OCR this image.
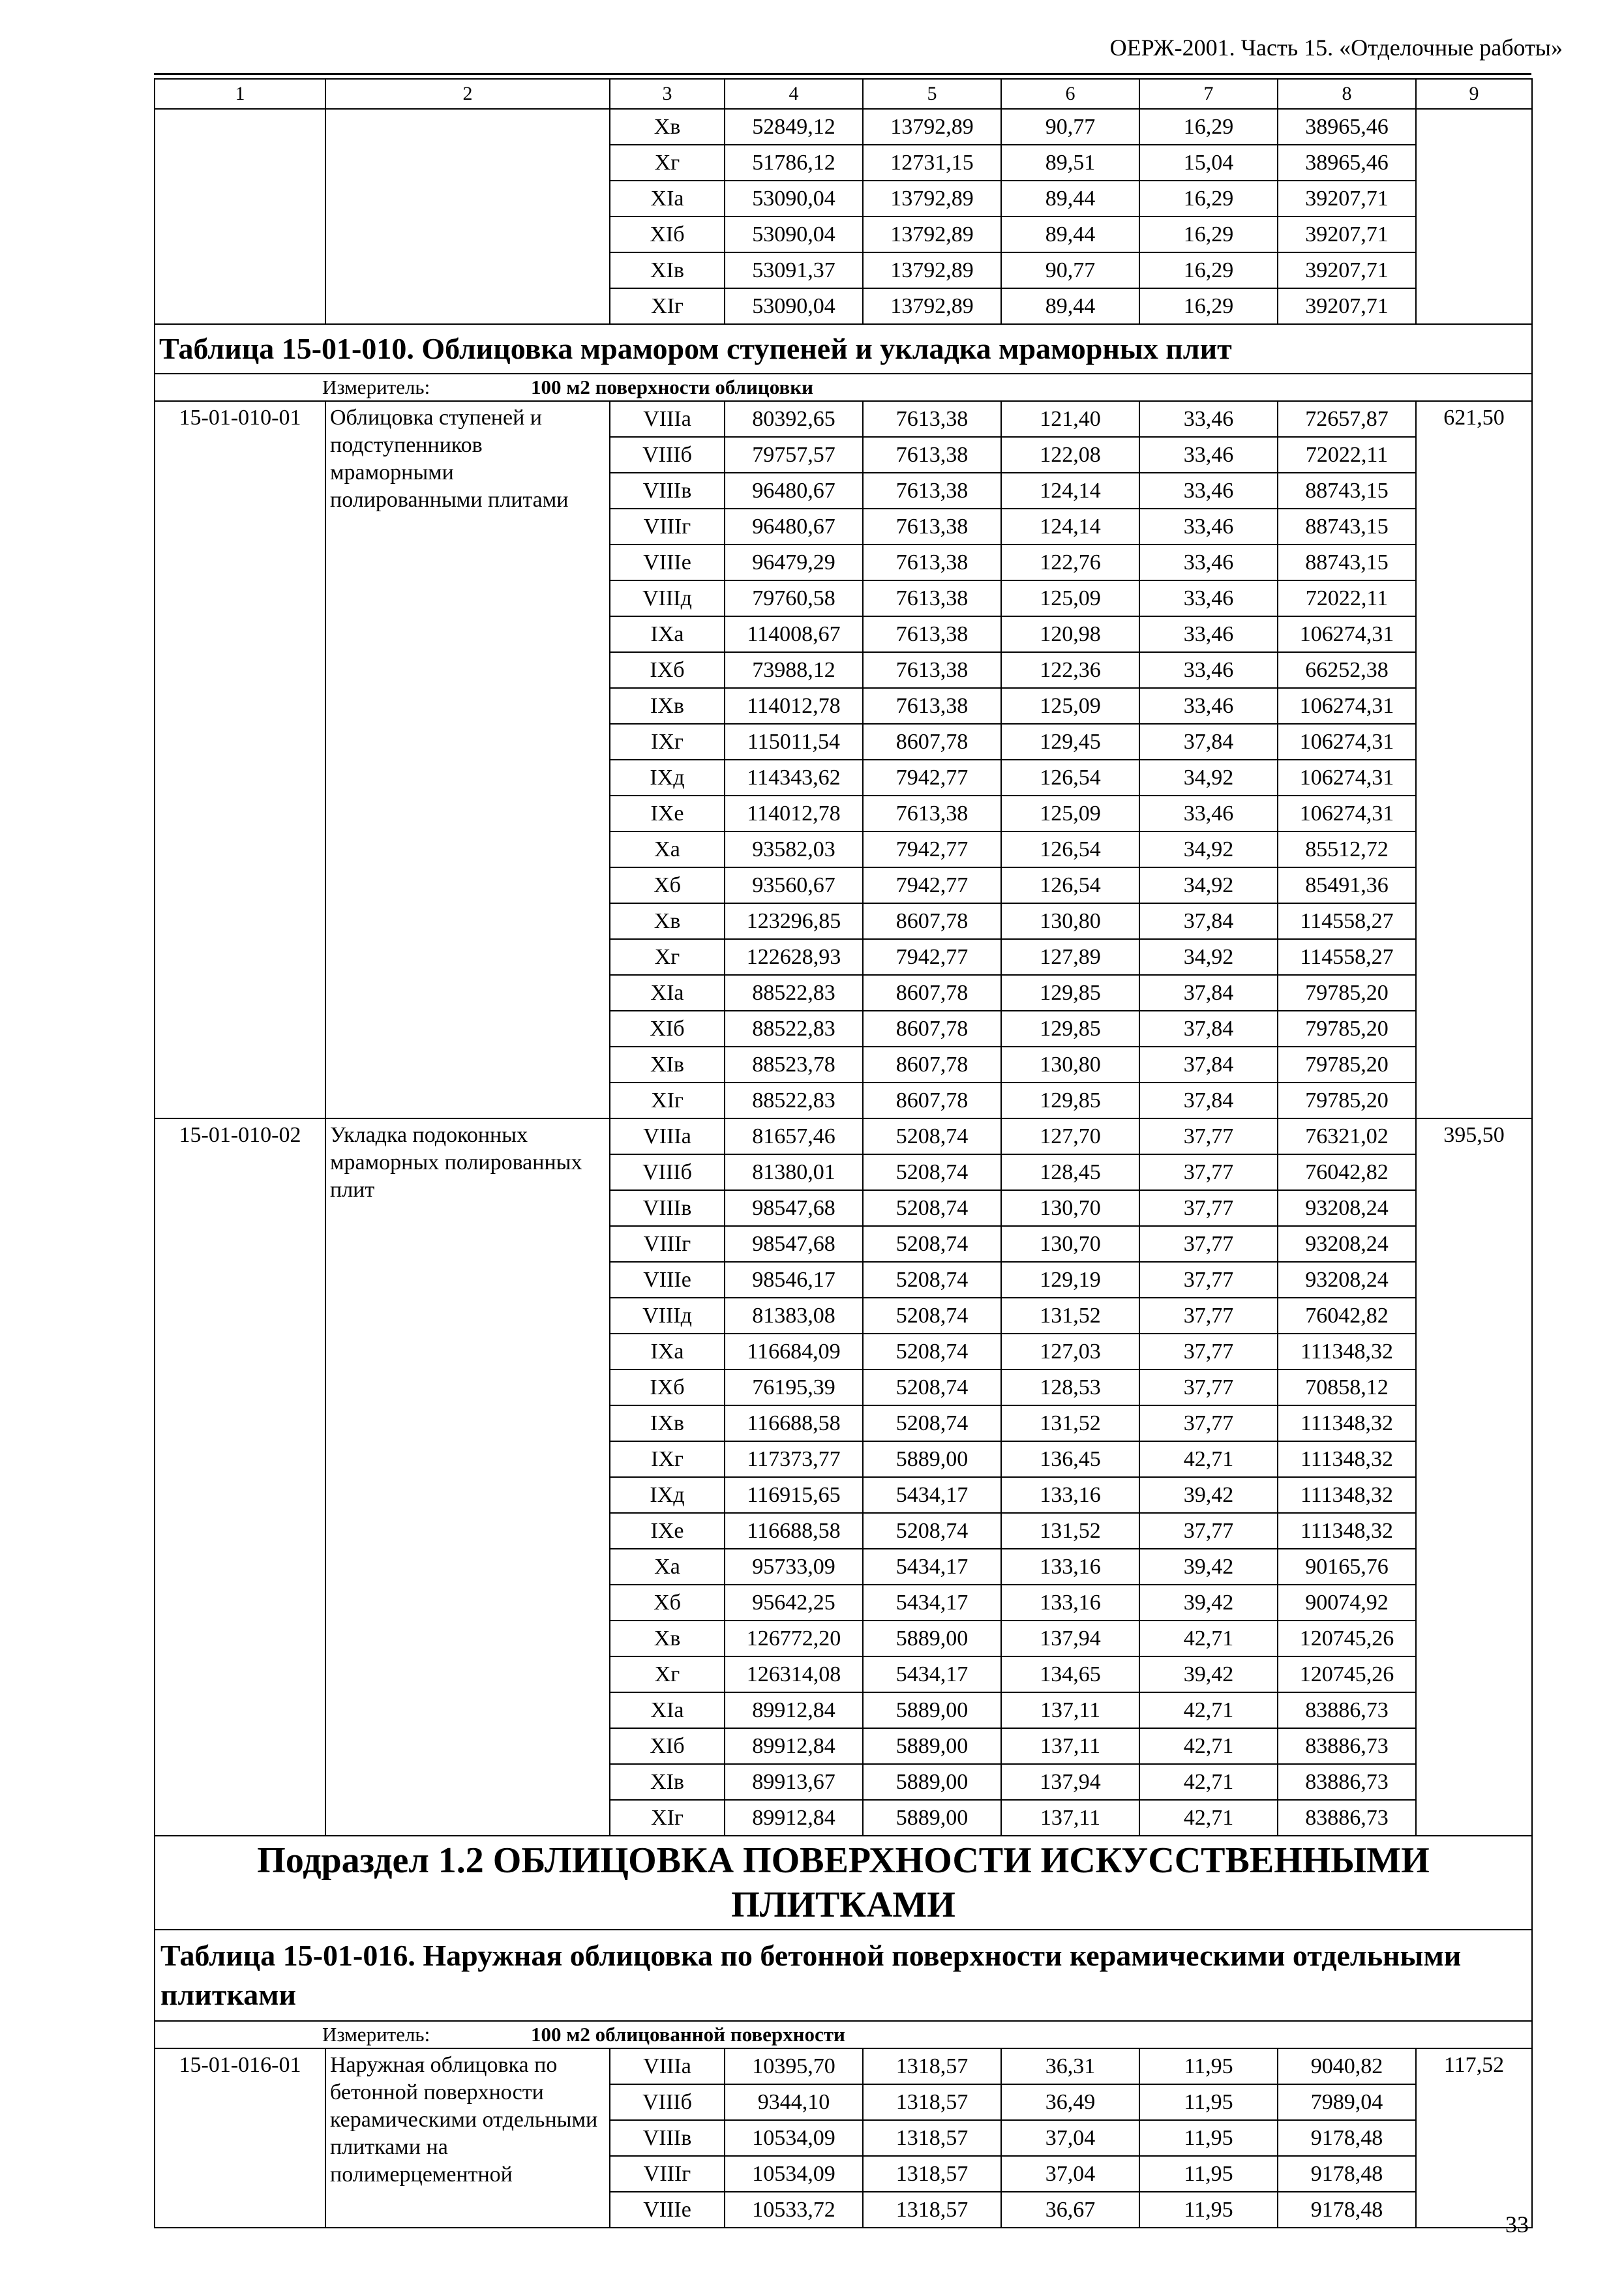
ОЕРЖ-2001. Часть 15. «Отделочные работы»
1	2	3	4	5	6	7	8	9
		Хв	52849,12	13792,89	90,77	16,29	38965,46	
		Хг	51786,12	12731,15	89,51	15,04	38965,46	
		ХIа	53090,04	13792,89	89,44	16,29	39207,71	
		ХIб	53090,04	13792,89	89,44	16,29	39207,71	
		ХIв	53091,37	13792,89	90,77	16,29	39207,71	
		ХIг	53090,04	13792,89	89,44	16,29	39207,71	
Таблица 15-01-010. Облицовка мрамором ступеней и укладка мраморных плит								
Измеритель: 100 м2 поверхности облицовки								
15-01-010-01	Облицовка ступеней и подступенников мраморными полированными плитами	VIIIа	80392,65	7613,38	121,40	33,46	72657,87	621,50
		VIIIб	79757,57	7613,38	122,08	33,46	72022,11	
		VIIIв	96480,67	7613,38	124,14	33,46	88743,15	
		VIIIг	96480,67	7613,38	124,14	33,46	88743,15	
		VIIIе	96479,29	7613,38	122,76	33,46	88743,15	
		VIIIд	79760,58	7613,38	125,09	33,46	72022,11	
		IХа	114008,67	7613,38	120,98	33,46	106274,31	
		IХб	73988,12	7613,38	122,36	33,46	66252,38	
		IХв	114012,78	7613,38	125,09	33,46	106274,31	
		IХг	115011,54	8607,78	129,45	37,84	106274,31	
		IХд	114343,62	7942,77	126,54	34,92	106274,31	
		IХе	114012,78	7613,38	125,09	33,46	106274,31	
		Ха	93582,03	7942,77	126,54	34,92	85512,72	
		Хб	93560,67	7942,77	126,54	34,92	85491,36	
		Хв	123296,85	8607,78	130,80	37,84	114558,27	
		Хг	122628,93	7942,77	127,89	34,92	114558,27	
		ХIа	88522,83	8607,78	129,85	37,84	79785,20	
		ХIб	88522,83	8607,78	129,85	37,84	79785,20	
		ХIв	88523,78	8607,78	130,80	37,84	79785,20	
		ХIг	88522,83	8607,78	129,85	37,84	79785,20	
15-01-010-02	Укладка подоконных мраморных полированных плит	VIIIа	81657,46	5208,74	127,70	37,77	76321,02	395,50
		VIIIб	81380,01	5208,74	128,45	37,77	76042,82	
		VIIIв	98547,68	5208,74	130,70	37,77	93208,24	
		VIIIг	98547,68	5208,74	130,70	37,77	93208,24	
		VIIIе	98546,17	5208,74	129,19	37,77	93208,24	
		VIIIд	81383,08	5208,74	131,52	37,77	76042,82	
		IХа	116684,09	5208,74	127,03	37,77	111348,32	
		IХб	76195,39	5208,74	128,53	37,77	70858,12	
		IХв	116688,58	5208,74	131,52	37,77	111348,32	
		IХг	117373,77	5889,00	136,45	42,71	111348,32	
		IХд	116915,65	5434,17	133,16	39,42	111348,32	
		IХе	116688,58	5208,74	131,52	37,77	111348,32	
		Ха	95733,09	5434,17	133,16	39,42	90165,76	
		Хб	95642,25	5434,17	133,16	39,42	90074,92	
		Хв	126772,20	5889,00	137,94	42,71	120745,26	
		Хг	126314,08	5434,17	134,65	39,42	120745,26	
		ХIа	89912,84	5889,00	137,11	42,71	83886,73	
		ХIб	89912,84	5889,00	137,11	42,71	83886,73	
		ХIв	89913,67	5889,00	137,94	42,71	83886,73	
		ХIг	89912,84	5889,00	137,11	42,71	83886,73	
Подраздел 1.2 ОБЛИЦОВКА ПОВЕРХНОСТИ ИСКУССТВЕННЫМИ ПЛИТКАМИ								
Таблица 15-01-016. Наружная облицовка по бетонной поверхности керамическими отдельными плитками								
Измеритель: 100 м2 облицованной поверхности								
15-01-016-01	Наружная облицовка по бетонной поверхности керамическими отдельными плитками на полимерцементной	VIIIа	10395,70	1318,57	36,31	11,95	9040,82	117,52
		VIIIб	9344,10	1318,57	36,49	11,95	7989,04	
		VIIIв	10534,09	1318,57	37,04	11,95	9178,48	
		VIIIг	10534,09	1318,57	37,04	11,95	9178,48	
		VIIIе	10533,72	1318,57	36,67	11,95	9178,48	
33
